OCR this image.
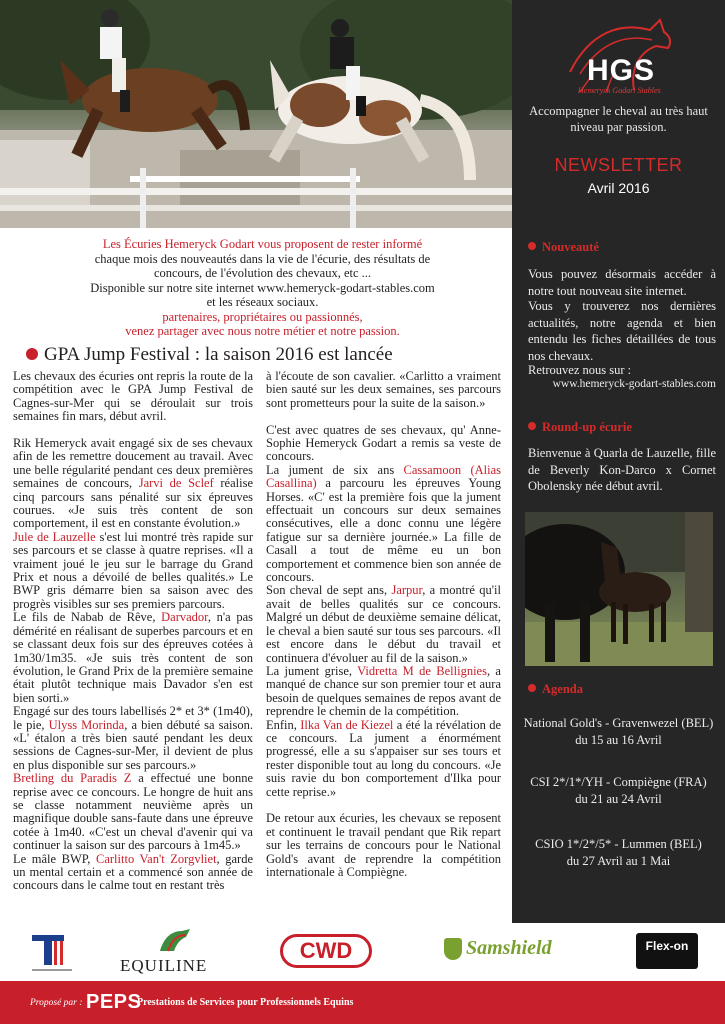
HGS
Hemeryck Godart Stables
Accompagner le cheval au très haut niveau par passion.
NEWSLETTER
Avril 2016
Nouveauté
Vous pouvez désormais accéder à notre tout nouveau site internet.
Vous y trouverez nos dernières actualités, notre agenda et bien entendu les fiches détaillées de tous nos chevaux.
Retrouvez nous sur :
www.hemeryck-godart-stables.com
Round-up écurie
Bienvenue à Quarla de Lauzelle, fille de Beverly Kon-Darco x Cornet Obolensky née début avril.
Agenda
National Gold's - Gravenwezel (BEL)
du 15 au 16 Avril
CSI 2*/1*/YH - Compiègne (FRA)
du 21 au 24 Avril
CSIO 1*/2*/5* - Lummen (BEL)
du 27 Avril au 1 Mai
Les Écuries Hemeryck Godart vous proposent de rester informé
chaque mois des nouveautés dans la vie de l'écurie, des résultats de
concours, de l'évolution des chevaux, etc ...
Disponible sur notre site internet www.hemeryck-godart-stables.com
et les réseaux sociaux.
partenaires, propriétaires ou passionnés,
venez partager avec nous notre métier et notre passion.
GPA Jump Festival : la saison 2016 est lancée

Les chevaux des écuries ont repris la route de la compétition avec le GPA Jump Festival de Cagnes-sur-Mer qui se déroulait sur trois semaines fin mars, début avril.

Rik Hemeryck avait engagé six de ses chevaux afin de les remettre doucement au travail. Avec une belle régularité pendant ces deux premières semaines de concours, Jarvi de Sclef réalise cinq parcours sans pénalité sur six épreuves courues. «Je suis très content de son comportement, il est en constante évolution.»

Jule de Lauzelle s'est lui montré très rapide sur ses parcours et se classe à quatre reprises. «Il a vraiment joué le jeu sur le barrage du Grand Prix et nous a dévoilé de belles qualités.» Le BWP gris démarre bien sa saison avec des progrès visibles sur ses premiers parcours.

Le fils de Nabab de Rêve, Darvador, n'a pas démérité en réalisant de superbes parcours et en se classant deux fois sur des épreuves cotées à 1m30/1m35. «Je suis très content de son évolution, le Grand Prix de la première semaine était plutôt technique mais Davador s'en est bien sorti.»

Engagé sur des tours labellisés 2* et 3* (1m40), le pie, Ulyss Morinda, a bien débuté sa saison. «L' étalon a très bien sauté pendant les deux sessions de Cagnes-sur-Mer, il devient de plus en plus disponible sur ses parcours.»

Bretling du Paradis Z a effectué une bonne reprise avec ce concours. Le hongre de huit ans se classe notamment neuvième après un magnifique double sans-faute dans une épreuve cotée à 1m40. «C'est un cheval d'avenir qui va continuer la saison sur des parcours à 1m45.»

Le mâle BWP, Carlitto Van't Zorgvliet, garde un mental certain et a commencé son année de concours dans le calme tout en restant très

à l'écoute de son cavalier. «Carlitto a vraiment bien sauté sur les deux semaines, ses parcours sont prometteurs pour la suite de la saison.»

C'est avec quatres de ses chevaux, qu' Anne-Sophie Hemeryck Godart a remis sa veste de concours.

La jument de six ans Cassamoon (Alias Casallina) a parcouru les épreuves Young Horses. «C' est la première fois que la jument effectuait un concours sur deux semaines consécutives, elle a donc connu une légère fatigue sur sa dernière journée.» La fille de Casall a tout de même eu un bon comportement et commence bien son année de concours.

Son cheval de sept ans, Jarpur, a montré qu'il avait de belles qualités sur ce concours. Malgré un début de deuxième semaine délicat, le cheval a bien sauté sur tous ses parcours. «Il est encore dans le début du travail et continuera d'évoluer au fil de la saison.»

La jument grise, Vidretta M de Bellignies, a manqué de chance sur son premier tour et aura besoin de quelques semaines de repos avant de reprendre le chemin de la compétition.

Enfin, Ilka Van de Kiezel a été la révélation de ce concours. La jument a énormément progressé, elle a su s'appaiser sur ses tours et rester disponible tout au long du concours. «Je suis ravie du bon comportement d'Ilka pour cette reprise.»

De retour aux écuries, les chevaux se reposent et continuent le travail pendant que Rik repart sur les terrains de concours pour le National Gold's avant de reprendre la compétition internationale à Compiègne.

EQUILINE
CWD	Samshield	Flex-on
Proposé par : PEPS
Prestations de Services pour Professionnels Equins
